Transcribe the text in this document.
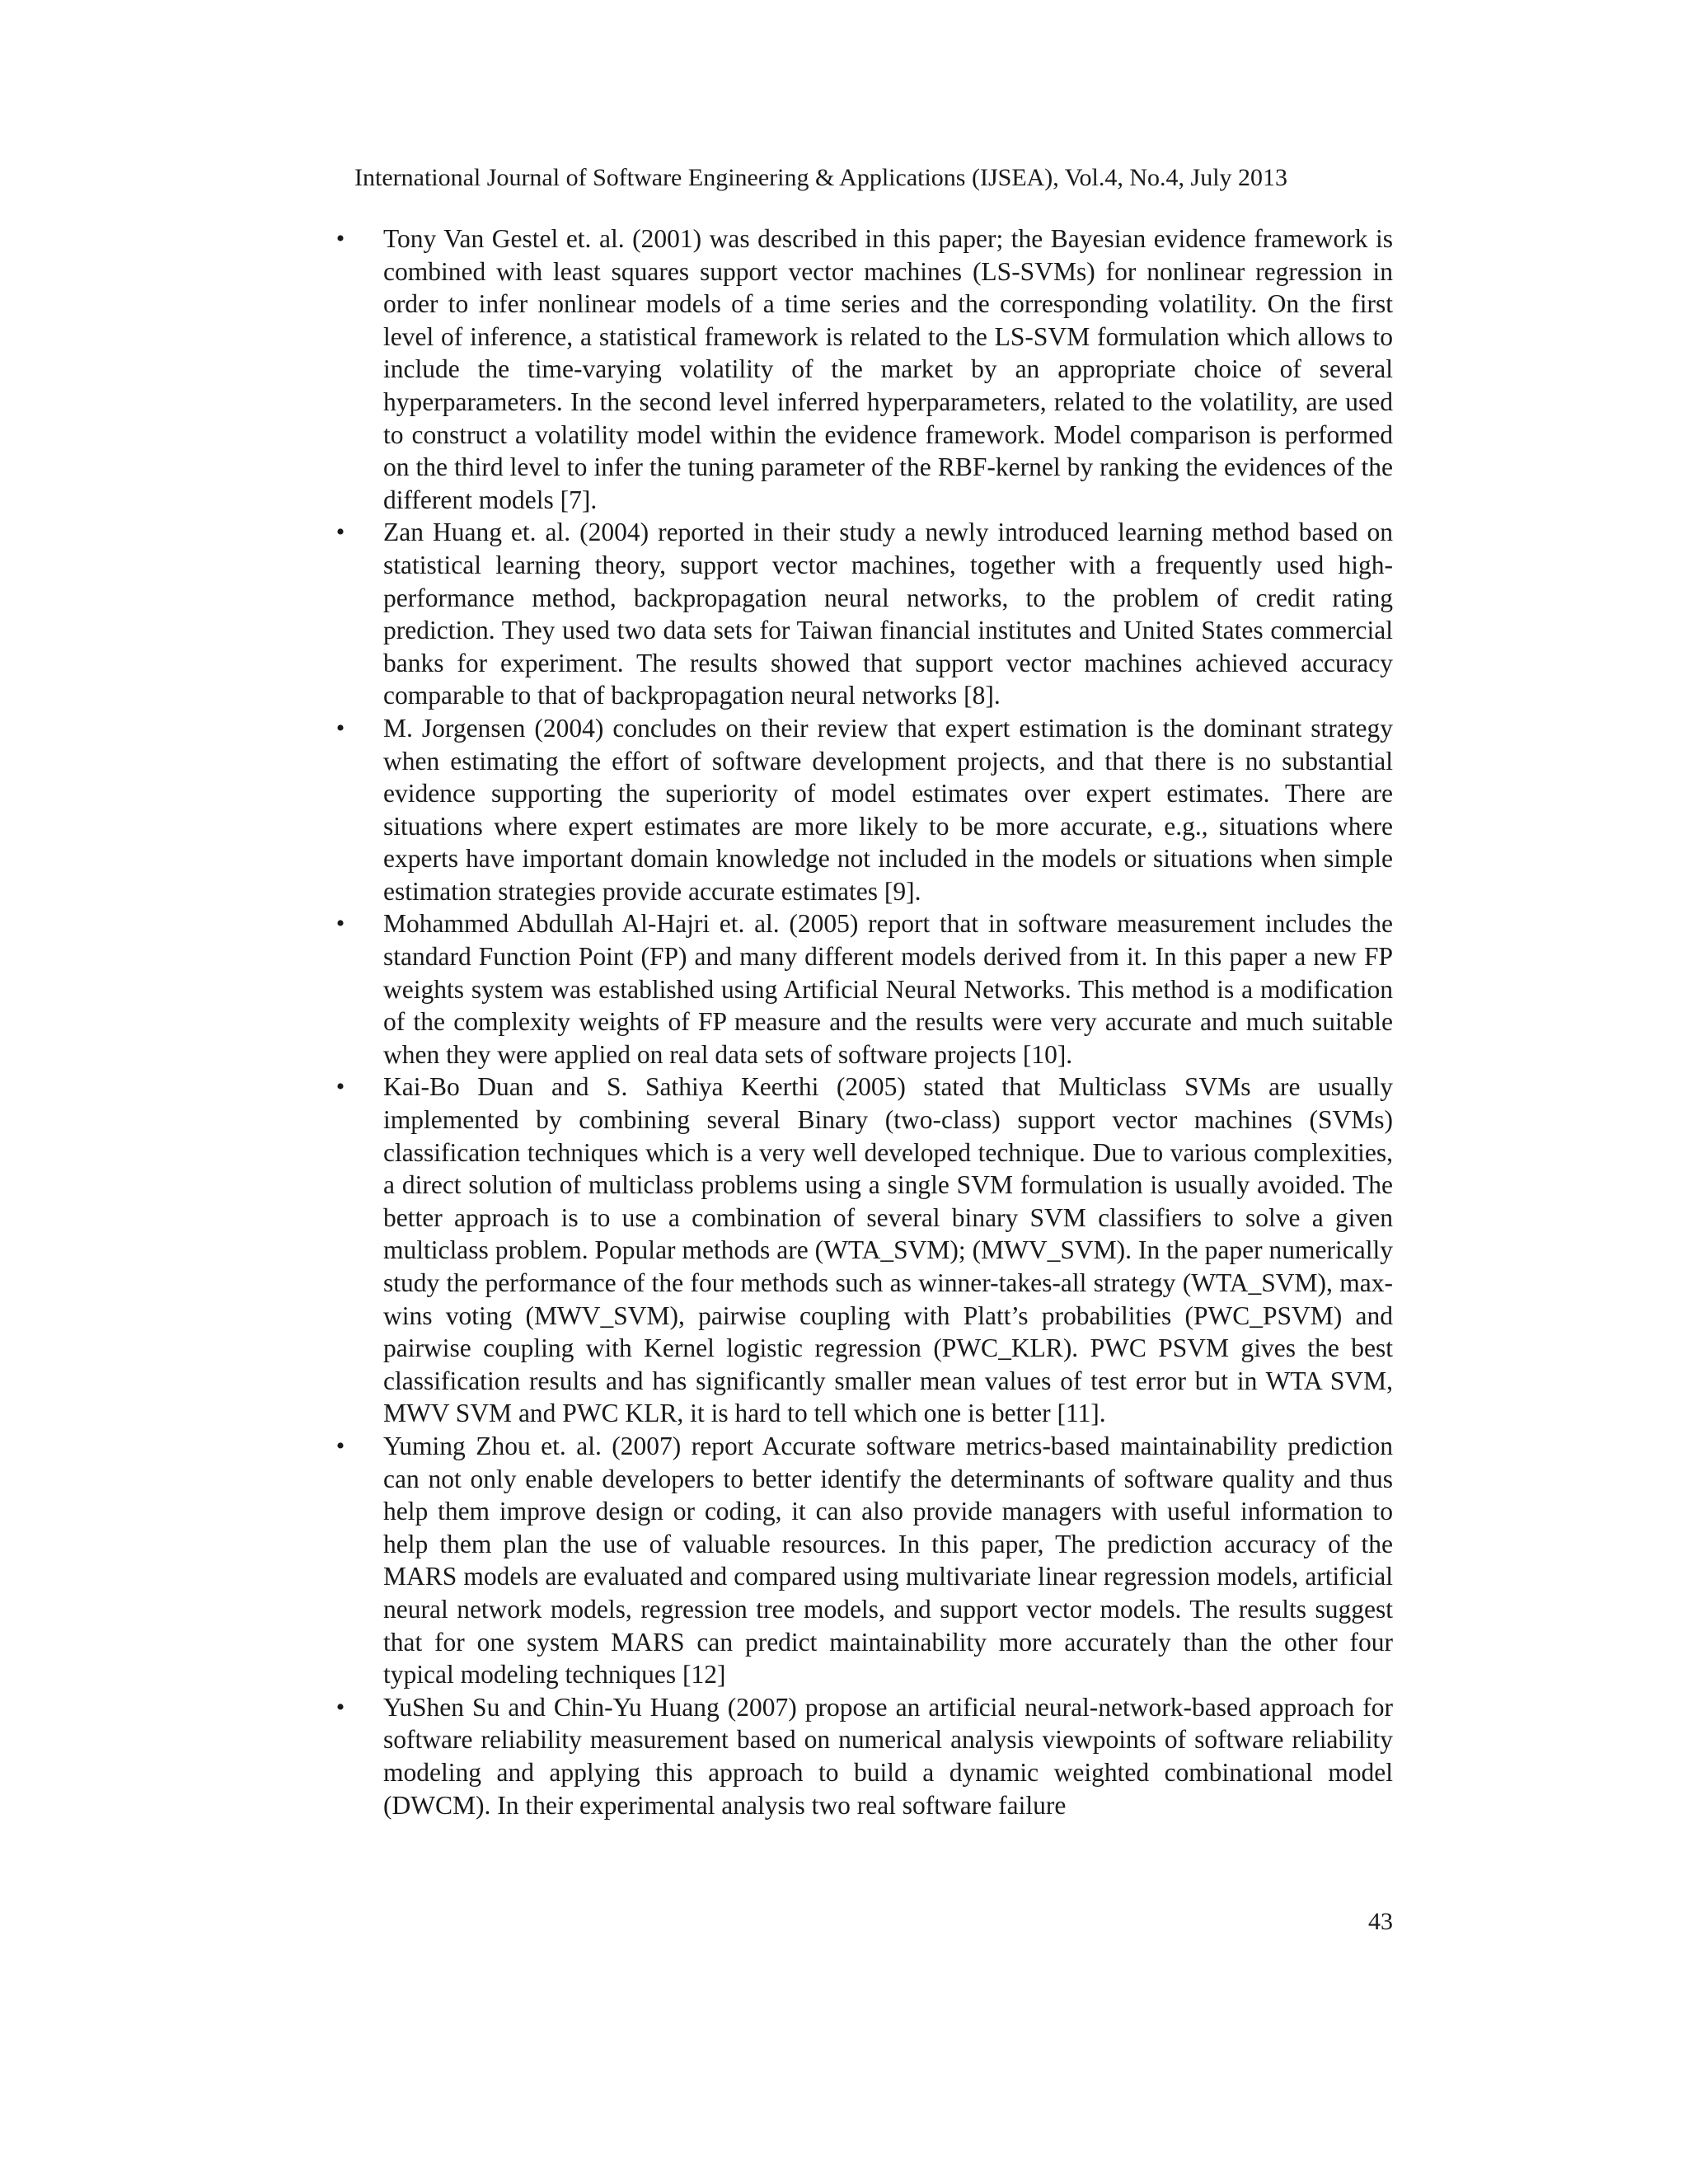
International Journal of Software Engineering & Applications (IJSEA), Vol.4, No.4, July 2013
•	Tony Van Gestel et. al. (2001) was described in this paper; the Bayesian evidence framework is combined with least squares support vector machines (LS-SVMs) for nonlinear regression in order to infer nonlinear models of a time series and the corresponding volatility. On the first level of inference, a statistical framework is related to the LS-SVM formulation which allows to include the time-varying volatility of the market by an appropriate choice of several hyperparameters. In the second level inferred hyperparameters, related to the volatility, are used to construct a volatility model within the evidence framework. Model comparison is performed on the third level to infer the tuning parameter of the RBF-kernel by ranking the evidences of the different models [7].
•	Zan Huang et. al. (2004) reported in their study a newly introduced learning method based on statistical learning theory, support vector machines, together with a frequently used high-performance method, backpropagation neural networks, to the problem of credit rating prediction. They used two data sets for Taiwan financial institutes and United States commercial banks for experiment. The results showed that support vector machines achieved accuracy comparable to that of backpropagation neural networks [8].
•	M. Jorgensen (2004) concludes on their review that expert estimation is the dominant strategy when estimating the effort of software development projects, and that there is no substantial evidence supporting the superiority of model estimates over expert estimates. There are situations where expert estimates are more likely to be more accurate, e.g., situations where experts have important domain knowledge not included in the models or situations when simple estimation strategies provide accurate estimates [9].
•	Mohammed Abdullah Al-Hajri et. al. (2005) report that in software measurement includes the standard Function Point (FP) and many different models derived from it. In this paper a new FP weights system was established using Artificial Neural Networks. This method is a modification of the complexity weights of FP measure and the results were very accurate and much suitable when they were applied on real data sets of software projects [10].
•	Kai-Bo Duan and S. Sathiya Keerthi (2005) stated that Multiclass SVMs are usually implemented by combining several Binary (two-class) support vector machines (SVMs) classification techniques which is a very well developed technique. Due to various complexities, a direct solution of multiclass problems using a single SVM formulation is usually avoided. The better approach is to use a combination of several binary SVM classifiers to solve a given multiclass problem. Popular methods are (WTA_SVM); (MWV_SVM). In the paper numerically study the performance of the four methods such as winner-takes-all strategy (WTA_SVM), max-wins voting (MWV_SVM), pairwise coupling with Platt’s probabilities (PWC_PSVM) and pairwise coupling with Kernel logistic regression (PWC_KLR). PWC PSVM gives the best classification results and has significantly smaller mean values of test error but in WTA SVM, MWV SVM and PWC KLR, it is hard to tell which one is better [11].
•	Yuming Zhou et. al. (2007) report Accurate software metrics-based maintainability prediction can not only enable developers to better identify the determinants of software quality and thus help them improve design or coding, it can also provide managers with useful information to help them plan the use of valuable resources. In this paper, The prediction accuracy of the MARS models are evaluated and compared using multivariate linear regression models, artificial neural network models, regression tree models, and support vector models. The results suggest that for one system MARS can predict maintainability more accurately than the other four typical modeling techniques [12]
•	YuShen Su and Chin-Yu Huang (2007) propose an artificial neural-network-based approach for software reliability measurement based on numerical analysis viewpoints of software reliability modeling and applying this approach to build a dynamic weighted combinational model (DWCM). In their experimental analysis two real software failure
43
